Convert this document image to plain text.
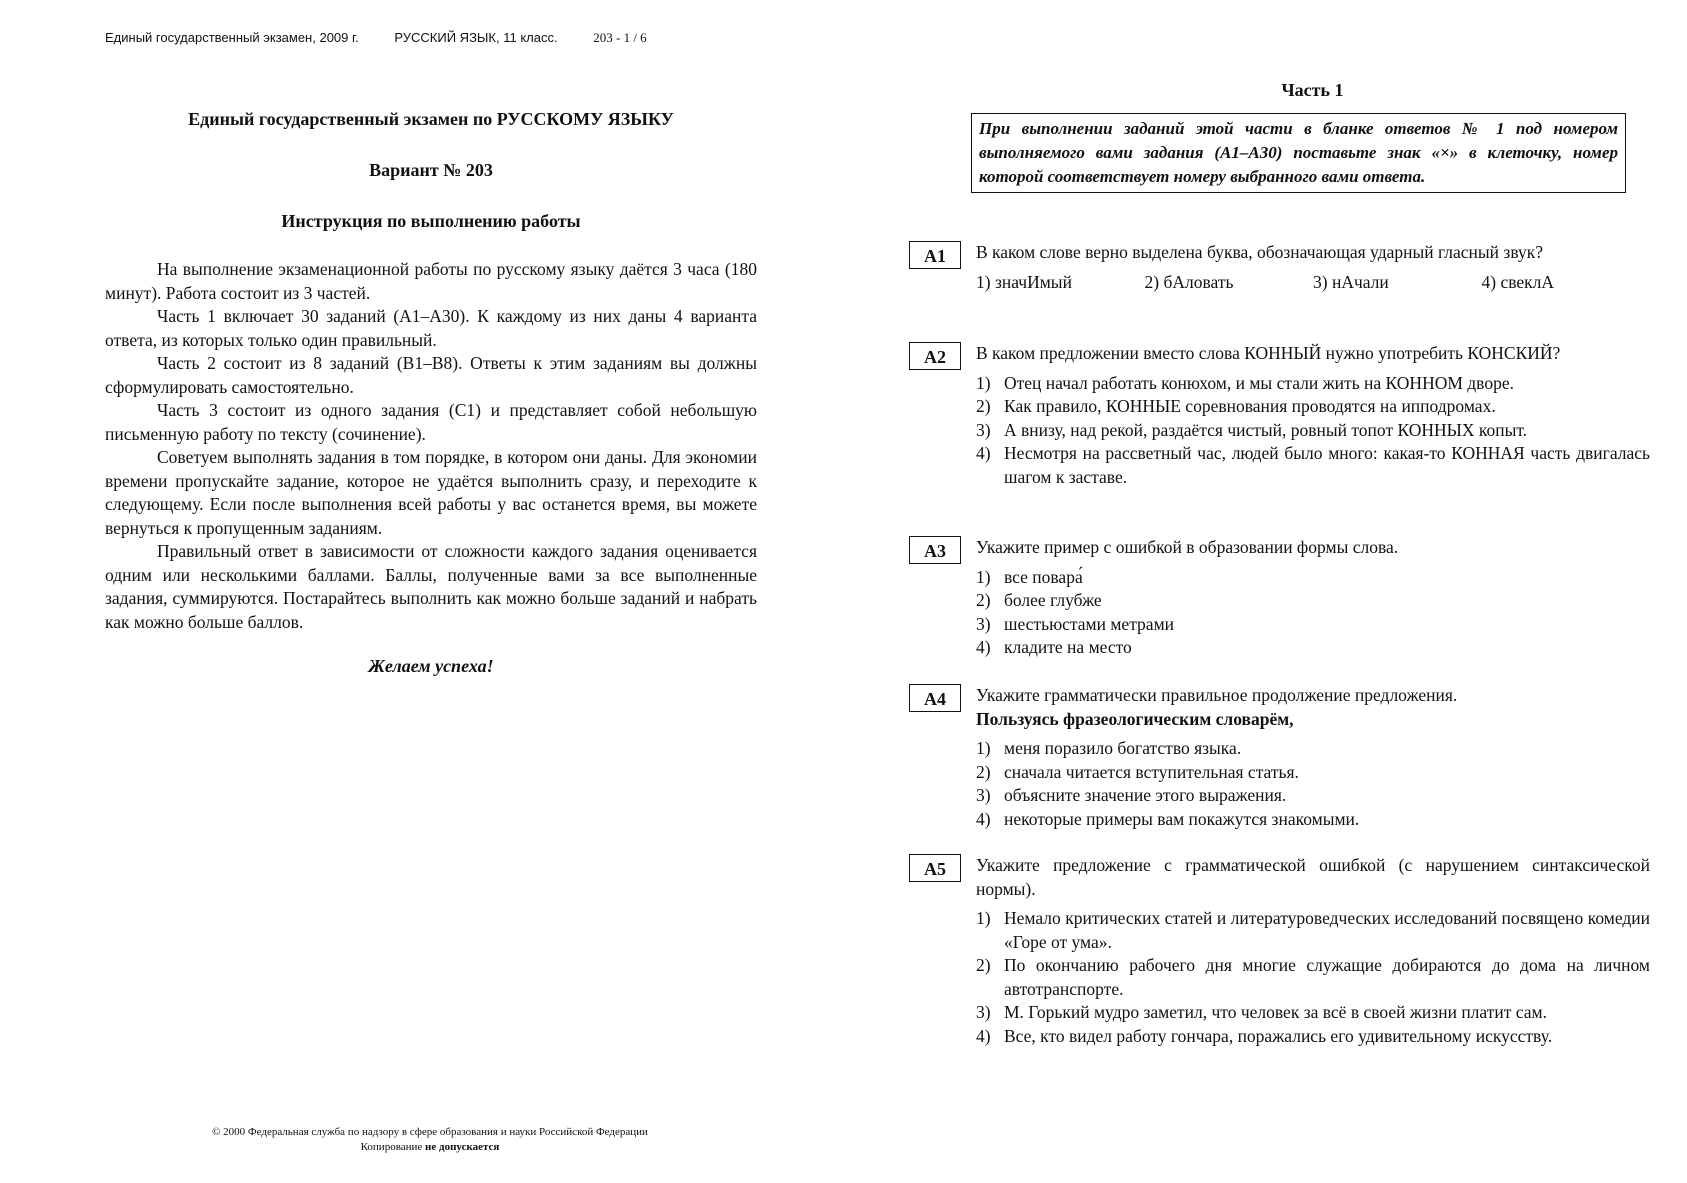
Единый государственный экзамен, 2009 г.	РУССКИЙ ЯЗЫК, 11 класс.	203 - 1 / 6

Единый государственный экзамен по РУССКОМУ ЯЗЫКУ

Вариант № 203

Инструкция по выполнению работы

На выполнение экзаменационной работы по русскому языку даётся 3 часа (180 минут). Работа состоит из 3 частей.

Часть 1 включает 30 заданий (А1–А30). К каждому из них даны 4 варианта ответа, из которых только один правильный.

Часть 2 состоит из 8 заданий (В1–В8). Ответы к этим заданиям вы должны сформулировать самостоятельно.

Часть 3 состоит из одного задания (С1) и представляет собой небольшую письменную работу по тексту (сочинение).

Советуем выполнять задания в том порядке, в котором они даны. Для экономии времени пропускайте задание, которое не удаётся выполнить сразу, и переходите к следующему. Если после выполнения всей работы у вас останется время, вы можете вернуться к пропущенным заданиям.

Правильный ответ в зависимости от сложности каждого задания оценивается одним или несколькими баллами. Баллы, полученные вами за все выполненные задания, суммируются. Постарайтесь выполнить как можно больше заданий и набрать как можно больше баллов.

Желаем успеха!
© 2000 Федеральная служба по надзору в сфере образования и науки Российской Федерации
Копирование не допускается
Часть 1
При выполнении заданий этой части в бланке ответов № 1 под номером выполняемого вами задания (А1–А30) поставьте знак «×» в клеточку, номер которой соответствует номеру выбранного вами ответа.
А1	В каком слове верно выделена буква, обозначающая ударный гласный звук?
1) значИмый	2) бАловать	3) нАчали	4) свеклА
А2	В каком предложении вместо слова КОННЫЙ нужно употребить КОНСКИЙ?
1) Отец начал работать конюхом, и мы стали жить на КОННОМ дворе.
2) Как правило, КОННЫЕ соревнования проводятся на ипподромах.
3) А внизу, над рекой, раздаётся чистый, ровный топот КОННЫХ копыт.
4) Несмотря на рассветный час, людей было много: какая-то КОННАЯ часть двигалась шагом к заставе.
А3	Укажите пример с ошибкой в образовании формы слова.
1) все повара́
2) более глубже
3) шестьюстами метрами
4) кладите на место
А4	Укажите грамматически правильное продолжение предложения.
Пользуясь фразеологическим словарём,
1) меня поразило богатство языка.
2) сначала читается вступительная статья.
3) объясните значение этого выражения.
4) некоторые примеры вам покажутся знакомыми.
А5	Укажите предложение с грамматической ошибкой (с нарушением синтаксической нормы).
1) Немало критических статей и литературоведческих исследований посвящено комедии «Горе от ума».
2) По окончанию рабочего дня многие служащие добираются до дома на личном автотранспорте.
3) М. Горький мудро заметил, что человек за всё в своей жизни платит сам.
4) Все, кто видел работу гончара, поражались его удивительному искусству.
